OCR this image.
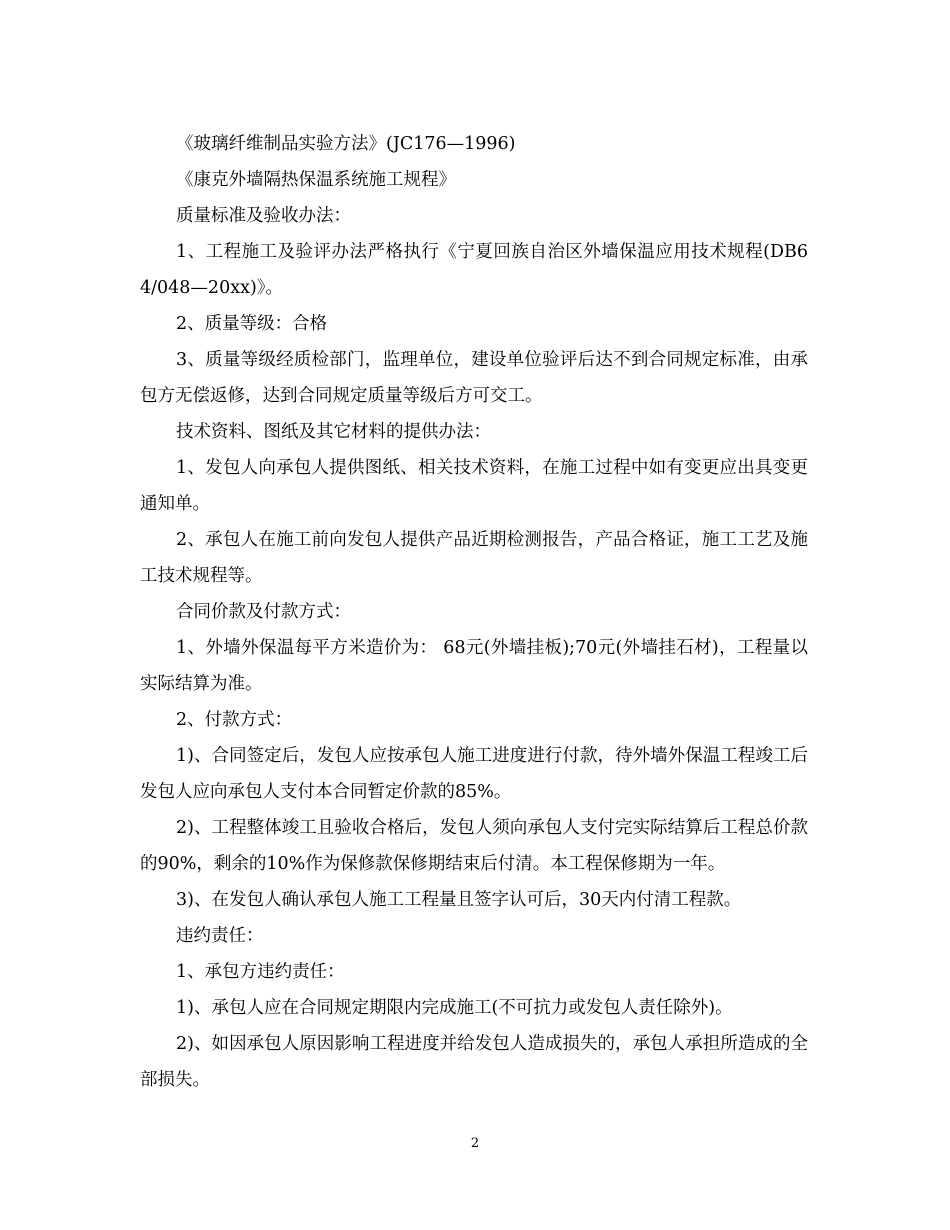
《玻璃纤维制品实验方法》(JC176—1996)

《康克外墙隔热保温系统施工规程》

质量标准及验收办法：

1、工程施工及验评办法严格执行《宁夏回族自治区外墙保温应用技术规程(DB64/048—20xx)》。

2、质量等级：合格

3、质量等级经质检部门，监理单位，建设单位验评后达不到合同规定标准，由承包方无偿返修，达到合同规定质量等级后方可交工。

技术资料、图纸及其它材料的提供办法：

1、发包人向承包人提供图纸、相关技术资料，在施工过程中如有变更应出具变更通知单。

2、承包人在施工前向发包人提供产品近期检测报告，产品合格证，施工工艺及施工技术规程等。

合同价款及付款方式：

1、外墙外保温每平方米造价为： 68元(外墙挂板);70元(外墙挂石材)，工程量以实际结算为准。

2、付款方式：

1)、合同签定后，发包人应按承包人施工进度进行付款，待外墙外保温工程竣工后发包人应向承包人支付本合同暂定价款的85%。

2)、工程整体竣工且验收合格后，发包人须向承包人支付完实际结算后工程总价款的90%，剩余的10%作为保修款保修期结束后付清。本工程保修期为一年。

3)、在发包人确认承包人施工工程量且签字认可后，30天内付清工程款。

违约责任：

1、承包方违约责任：

1)、承包人应在合同规定期限内完成施工(不可抗力或发包人责任除外)。

2)、如因承包人原因影响工程进度并给发包人造成损失的，承包人承担所造成的全部损失。

2
